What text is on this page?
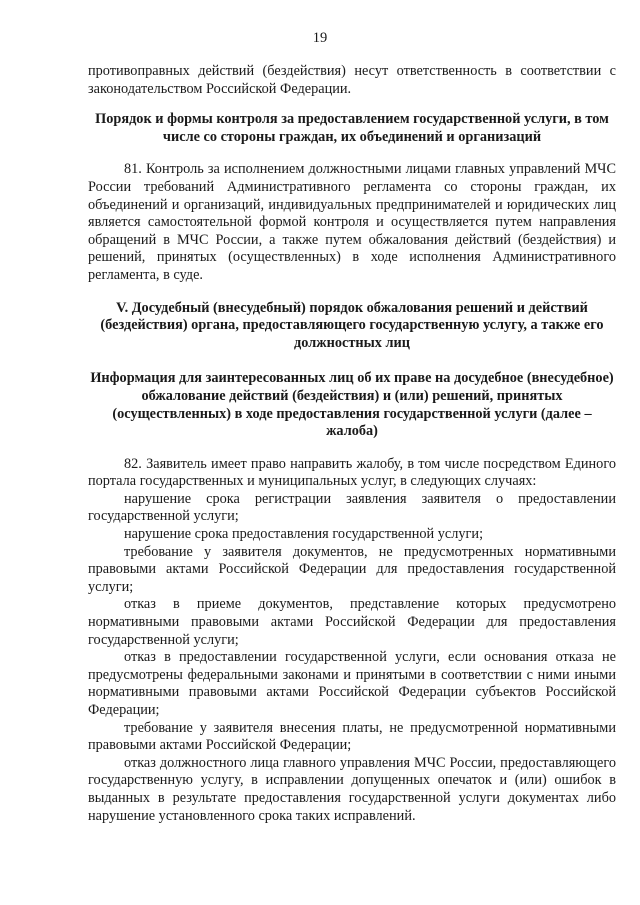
19

противоправных действий (бездействия) несут ответственность в соответствии с законодательством Российской Федерации.

Порядок и формы контроля за предоставлением государственной услуги, в том числе со стороны граждан, их объединений и организаций

81. Контроль за исполнением должностными лицами главных управлений МЧС России требований Административного регламента со стороны граждан, их объединений и организаций, индивидуальных предпринимателей и юридических лиц является самостоятельной формой контроля и осуществляется путем направления обращений в МЧС России, а также путем обжалования действий (бездействия) и решений, принятых (осуществленных) в ходе исполнения Административного регламента, в суде.

V. Досудебный (внесудебный) порядок обжалования решений и действий (бездействия) органа, предоставляющего государственную услугу, а также его должностных лиц
Информация для заинтересованных лиц об их праве на досудебное (внесудебное) обжалование действий (бездействия) и (или) решений, принятых (осуществленных) в ходе предоставления государственной услуги (далее – жалоба)

82. Заявитель имеет право направить жалобу, в том числе посредством Единого портала государственных и муниципальных услуг, в следующих случаях:

нарушение срока регистрации заявления заявителя о предоставлении государственной услуги;

нарушение срока предоставления государственной услуги;

требование у заявителя документов, не предусмотренных нормативными правовыми актами Российской Федерации для предоставления государственной услуги;

отказ в приеме документов, представление которых предусмотрено нормативными правовыми актами Российской Федерации для предоставления государственной услуги;

отказ в предоставлении государственной услуги, если основания отказа не предусмотрены федеральными законами и принятыми в соответствии с ними иными нормативными правовыми актами Российской Федерации субъектов Российской Федерации;

требование у заявителя внесения платы, не предусмотренной нормативными правовыми актами Российской Федерации;

отказ должностного лица главного управления МЧС России, предоставляющего государственную услугу, в исправлении допущенных опечаток и (или) ошибок в выданных в результате предоставления государственной услуги документах либо нарушение установленного срока таких исправлений.
